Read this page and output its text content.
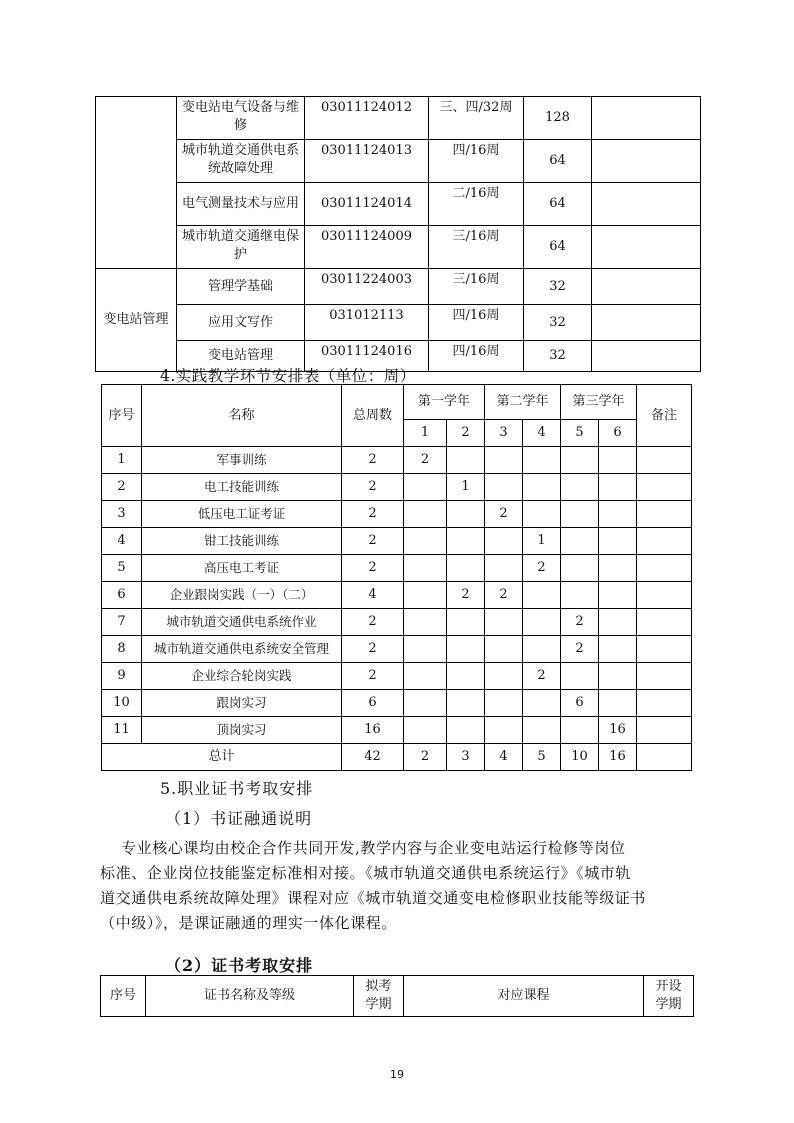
	变电站电气设备与维修	03011124012	三、四/32周	128	
	城市轨道交通供电系统故障处理	03011124013	四/16周	64	
	电气测量技术与应用	03011124014	二/16周	64	
	城市轨道交通继电保护	03011124009	三/16周	64	
变电站管理	管理学基础	03011224003	三/16周	32	
	应用文写作	031012113	四/16周	32	
	变电站管理	03011124016	四/16周	32	
4.实践教学环节安排表（单位：周）
序号	名称	总周数	第一学年		第二学年		第三学年		备注
			1	2	3	4	5	6	
1	军事训练	2	2						
2	电工技能训练	2		1					
3	低压电工证考证	2			2				
4	钳工技能训练	2				1			
5	高压电工考证	2				2			
6	企业跟岗实践（一）（二）	4		2	2				
7	城市轨道交通供电系统作业	2					2		
8	城市轨道交通供电系统安全管理	2					2		
9	企业综合轮岗实践	2				2			
10	跟岗实习	6					6		
11	顶岗实习	16						16	
总计		42	2	3	4	5	10	16	
5.职业证书考取安排
（1）书证融通说明
专业核心课均由校企合作共同开发,教学内容与企业变电站运行检修等岗位
标准、企业岗位技能鉴定标准相对接。《城市轨道交通供电系统运行》《城市轨
道交通供电系统故障处理》课程对应《城市轨道交通变电检修职业技能等级证书
（中级）》，是课证融通的理实一体化课程。
（2）证书考取安排
序号	证书名称及等级	拟考学期	对应课程	开设学期
19
